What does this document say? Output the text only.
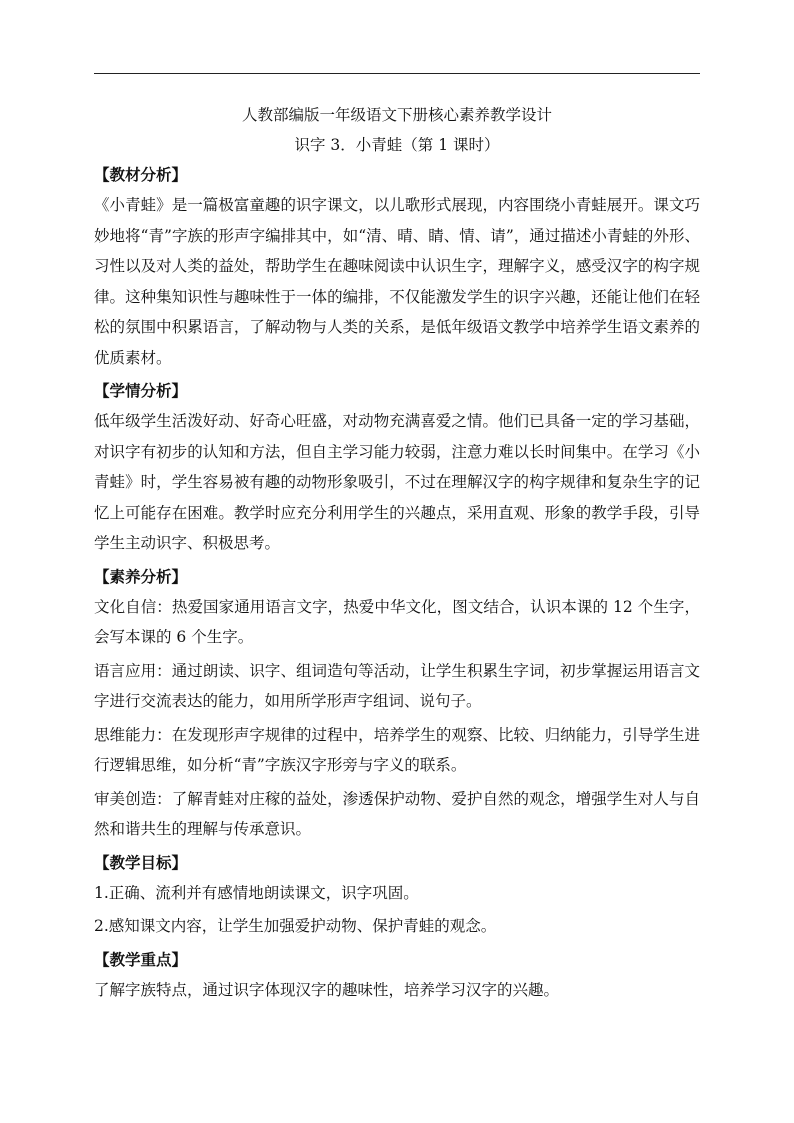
人教部编版一年级语文下册核心素养教学设计

识字 3．小青蛙（第 1 课时）

【教材分析】

《小青蛙》是一篇极富童趣的识字课文，以儿歌形式展现，内容围绕小青蛙展开。课文巧妙地将“青”字族的形声字编排其中，如“清、晴、睛、情、请”，通过描述小青蛙的外形、习性以及对人类的益处，帮助学生在趣味阅读中认识生字，理解字义，感受汉字的构字规律。这种集知识性与趣味性于一体的编排，不仅能激发学生的识字兴趣，还能让他们在轻松的氛围中积累语言，了解动物与人类的关系，是低年级语文教学中培养学生语文素养的优质素材。

【学情分析】

低年级学生活泼好动、好奇心旺盛，对动物充满喜爱之情。他们已具备一定的学习基础，对识字有初步的认知和方法，但自主学习能力较弱，注意力难以长时间集中。在学习《小青蛙》时，学生容易被有趣的动物形象吸引，不过在理解汉字的构字规律和复杂生字的记忆上可能存在困难。教学时应充分利用学生的兴趣点，采用直观、形象的教学手段，引导学生主动识字、积极思考。

【素养分析】

文化自信：热爱国家通用语言文字，热爱中华文化，图文结合，认识本课的 12 个生字，会写本课的 6 个生字。

语言应用：通过朗读、识字、组词造句等活动，让学生积累生字词，初步掌握运用语言文字进行交流表达的能力，如用所学形声字组词、说句子。

思维能力：在发现形声字规律的过程中，培养学生的观察、比较、归纳能力，引导学生进行逻辑思维，如分析“青”字族汉字形旁与字义的联系。

审美创造：了解青蛙对庄稼的益处，渗透保护动物、爱护自然的观念，增强学生对人与自然和谐共生的理解与传承意识。

【教学目标】

1.正确、流利并有感情地朗读课文，识字巩固。

2.感知课文内容，让学生加强爱护动物、保护青蛙的观念。

【教学重点】

了解字族特点，通过识字体现汉字的趣味性，培养学习汉字的兴趣。
